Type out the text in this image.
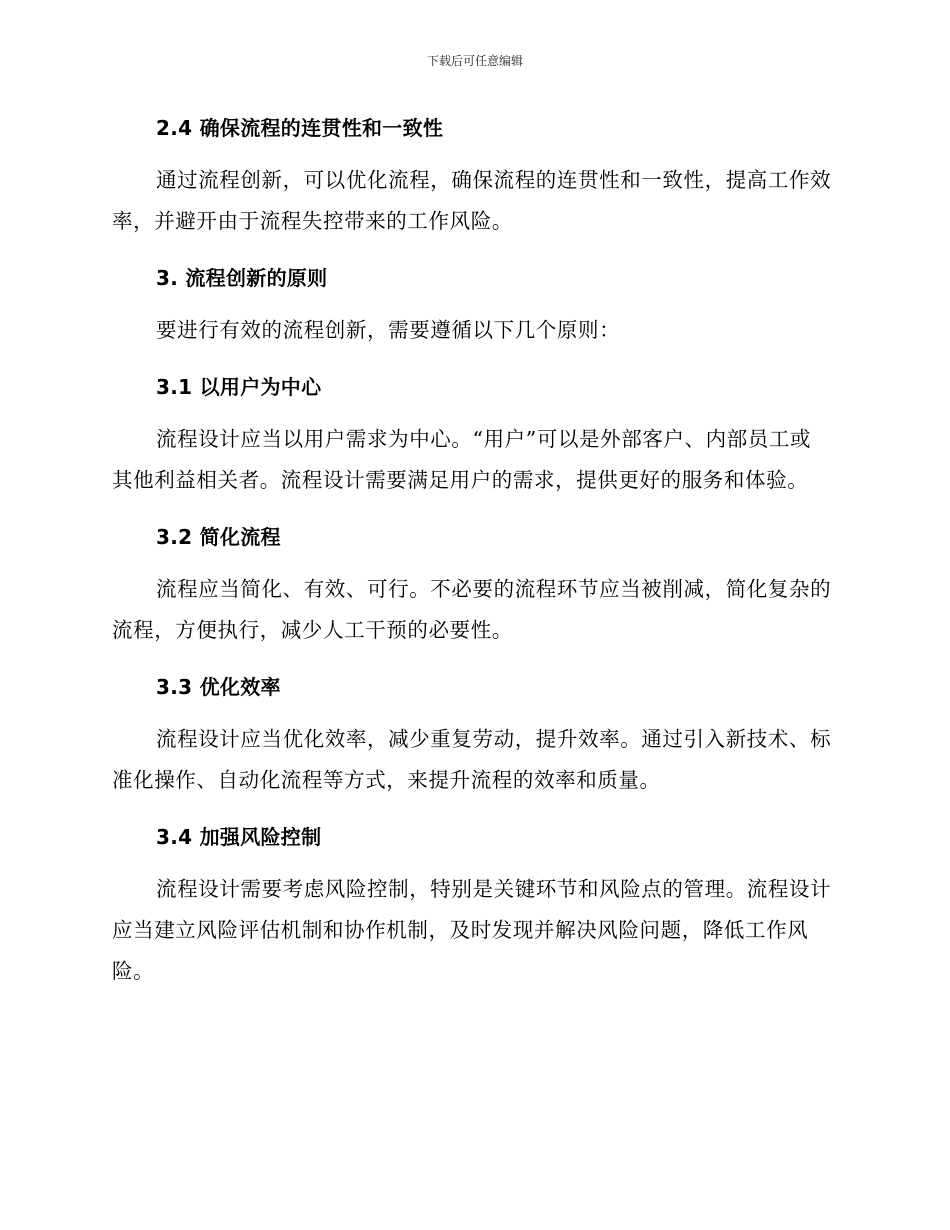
下载后可任意编辑
2.4 确保流程的连贯性和一致性

通过流程创新，可以优化流程，确保流程的连贯性和一致性，提高工作效率，并避开由于流程失控带来的工作风险。

3. 流程创新的原则

要进行有效的流程创新，需要遵循以下几个原则：

3.1 以用户为中心

流程设计应当以用户需求为中心。“用户”可以是外部客户、内部员工或其他利益相关者。流程设计需要满足用户的需求，提供更好的服务和体验。

3.2 简化流程

流程应当简化、有效、可行。不必要的流程环节应当被削减，简化复杂的流程，方便执行，减少人工干预的必要性。

3.3 优化效率

流程设计应当优化效率，减少重复劳动，提升效率。通过引入新技术、标准化操作、自动化流程等方式，来提升流程的效率和质量。

3.4 加强风险控制

流程设计需要考虑风险控制，特别是关键环节和风险点的管理。流程设计应当建立风险评估机制和协作机制，及时发现并解决风险问题，降低工作风险。
